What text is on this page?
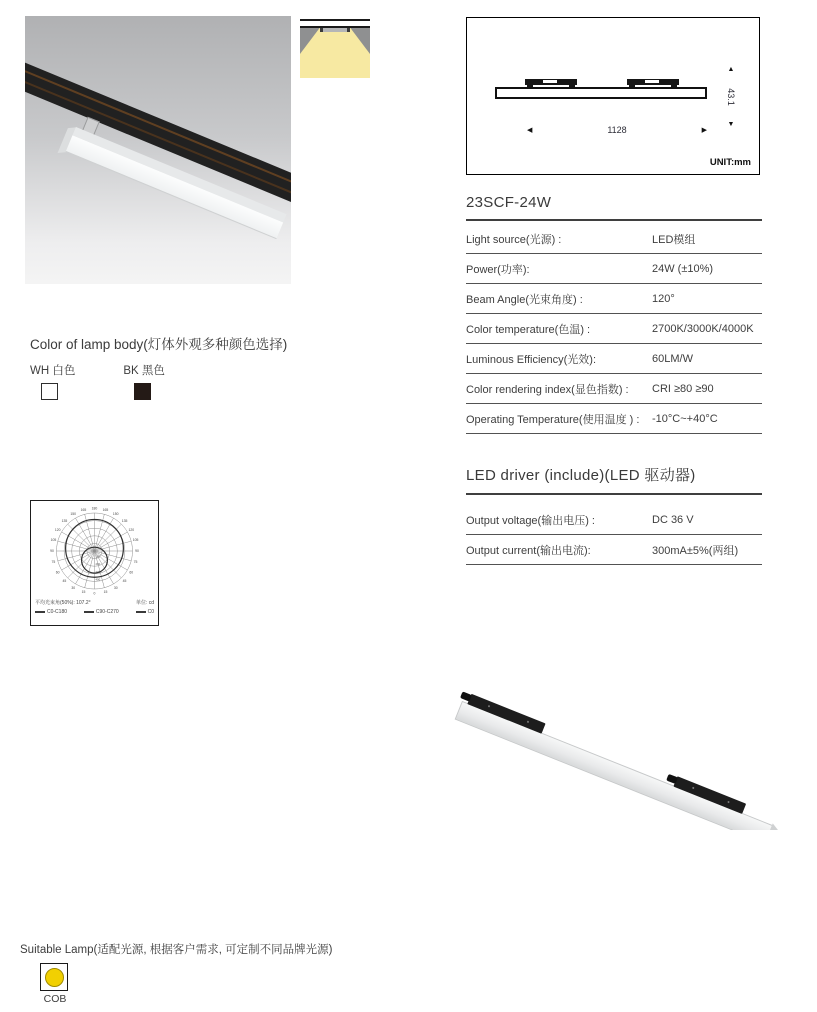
◀	1128	▶
▲
43.1
▼
UNIT:mm
23SCF-24W
Light source(光源) :	LED模组
Power(功率):	24W (±10%)
Beam Angle(光束角度) :	120°
Color temperature(色温) :	2700K/3000K/4000K
Luminous Efficiency(光效):	60LM/W
Color rendering index(显色指数) :	CRI ≥80 ≥90
Operating Temperature(使用温度 ) :	-10°C~+40°C
LED driver (include)(LED 驱动器)
Output voltage(输出电压) :	DC 36 V
Output current(输出电流):	300mA±5%(两组)
Color of lamp body(灯体外观多种颜色选择)
WH 白色	BK 黑色
0
15	15
30	30
45	45
60	60
75	75
90	90
105	105
120	120
135	135
150	150
165	165
180
100
200
300
400
平均光束角(50%): 107.2°	单位: cd
C0-C180	C90-C270	C0
Suitable Lamp(适配光源, 根据客户需求, 可定制不同品牌光源)
COB
